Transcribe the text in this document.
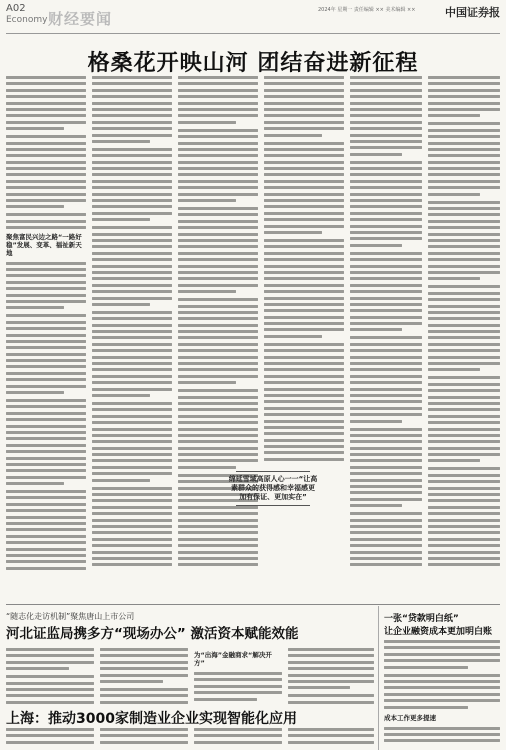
A02
Economy 财经要闻	2024年 星期一 责任编辑 ×× 美术编辑 ××	中国证券报
格桑花开映山河 团结奋进新征程
聚焦富民兴边之路“一路好稳”发展、变革、福祉新天地
绵延雪域高原人心一一“让高素群众的获得感和幸福感更加有保证、更加实在”
“随志化走访机制”聚焦唐山上市公司
河北证监局携多方“现场办公” 激活资本赋能效能
为“出海”金融商求“解决开方”
一张“贷款明白纸”
让企业融资成本更加明白账
成本工作更多提速
上海：推动3000家制造业企业实现智能化应用
